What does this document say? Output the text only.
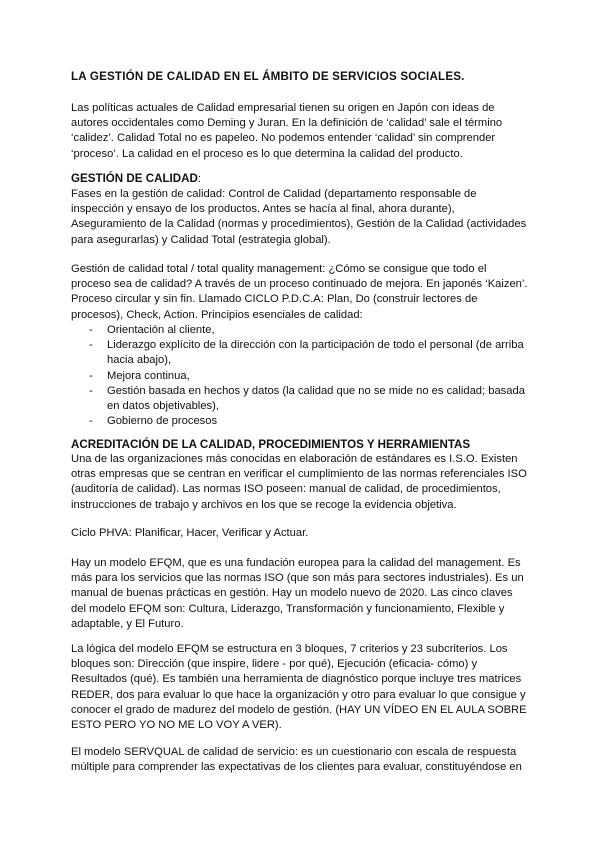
LA GESTIÓN DE CALIDAD EN EL ÁMBITO DE SERVICIOS SOCIALES.

Las políticas actuales de Calidad empresarial tienen su origen en Japón con ideas de autores occidentales como Deming y Juran. En la definición de ‘calidad’ sale el término ‘calidez’. Calidad Total no es papeleo. No podemos entender ‘calidad’ sin comprender ‘proceso’. La calidad en el proceso es lo que determina la calidad del producto.

GESTIÓN DE CALIDAD:

Fases en la gestión de calidad: Control de Calidad (departamento responsable de inspección y ensayo de los productos. Antes se hacía al final, ahora durante), Aseguramiento de la Calidad (normas y procedimientos), Gestión de la Calidad (actividades para asegurarlas) y Calidad Total (estrategia global).

Gestión de calidad total / total quality management: ¿Cómo se consigue que todo el proceso sea de calidad? A través de un proceso continuado de mejora. En japonés ‘Kaizen’. Proceso circular y sin fin. Llamado CICLO P.D.C.A: Plan, Do (construir lectores de procesos), Check, Action. Principios esenciales de calidad:

- Orientación al cliente,
- Liderazgo explícito de la dirección con la participación de todo el personal (de arriba hacia abajo),
- Mejora continua,
- Gestión basada en hechos y datos (la calidad que no se mide no es calidad; basada en datos objetivables),
- Gobierno de procesos

ACREDITACIÓN DE LA CALIDAD, PROCEDIMIENTOS Y HERRAMIENTAS

Una de las organizaciones más conocidas en elaboración de estándares es I.S.O. Existen otras empresas que se centran en verificar el cumplimiento de las normas referenciales ISO (auditoría de calidad). Las normas ISO poseen: manual de calidad, de procedimientos, instrucciones de trabajo y archivos en los que se recoge la evidencia objetiva.

Ciclo PHVA: Planificar, Hacer, Verificar y Actuar.

Hay un modelo EFQM, que es una fundación europea para la calidad del management. Es más para los servicios que las normas ISO (que son más para sectores industriales). Es un manual de buenas prácticas en gestión. Hay un modelo nuevo de 2020. Las cinco claves del modelo EFQM son: Cultura, Liderazgo, Transformación y funcionamiento, Flexible y adaptable, y El Futuro.

La lógica del modelo EFQM se estructura en 3 bloques, 7 criterios y 23 subcriterios. Los bloques son: Dirección (que inspire, lidere - por qué), Ejecución (eficacia- cómo) y Resultados (qué). Es también una herramienta de diagnóstico porque incluye tres matrices REDER, dos para evaluar lo que hace la organización y otro para evaluar lo que consigue y conocer el grado de madurez del modelo de gestión. (HAY UN VÍDEO EN EL AULA SOBRE ESTO PERO YO NO ME LO VOY A VER).

El modelo SERVQUAL de calidad de servicio: es un cuestionario con escala de respuesta múltiple para comprender las expectativas de los clientes para evaluar, constituyéndose en
